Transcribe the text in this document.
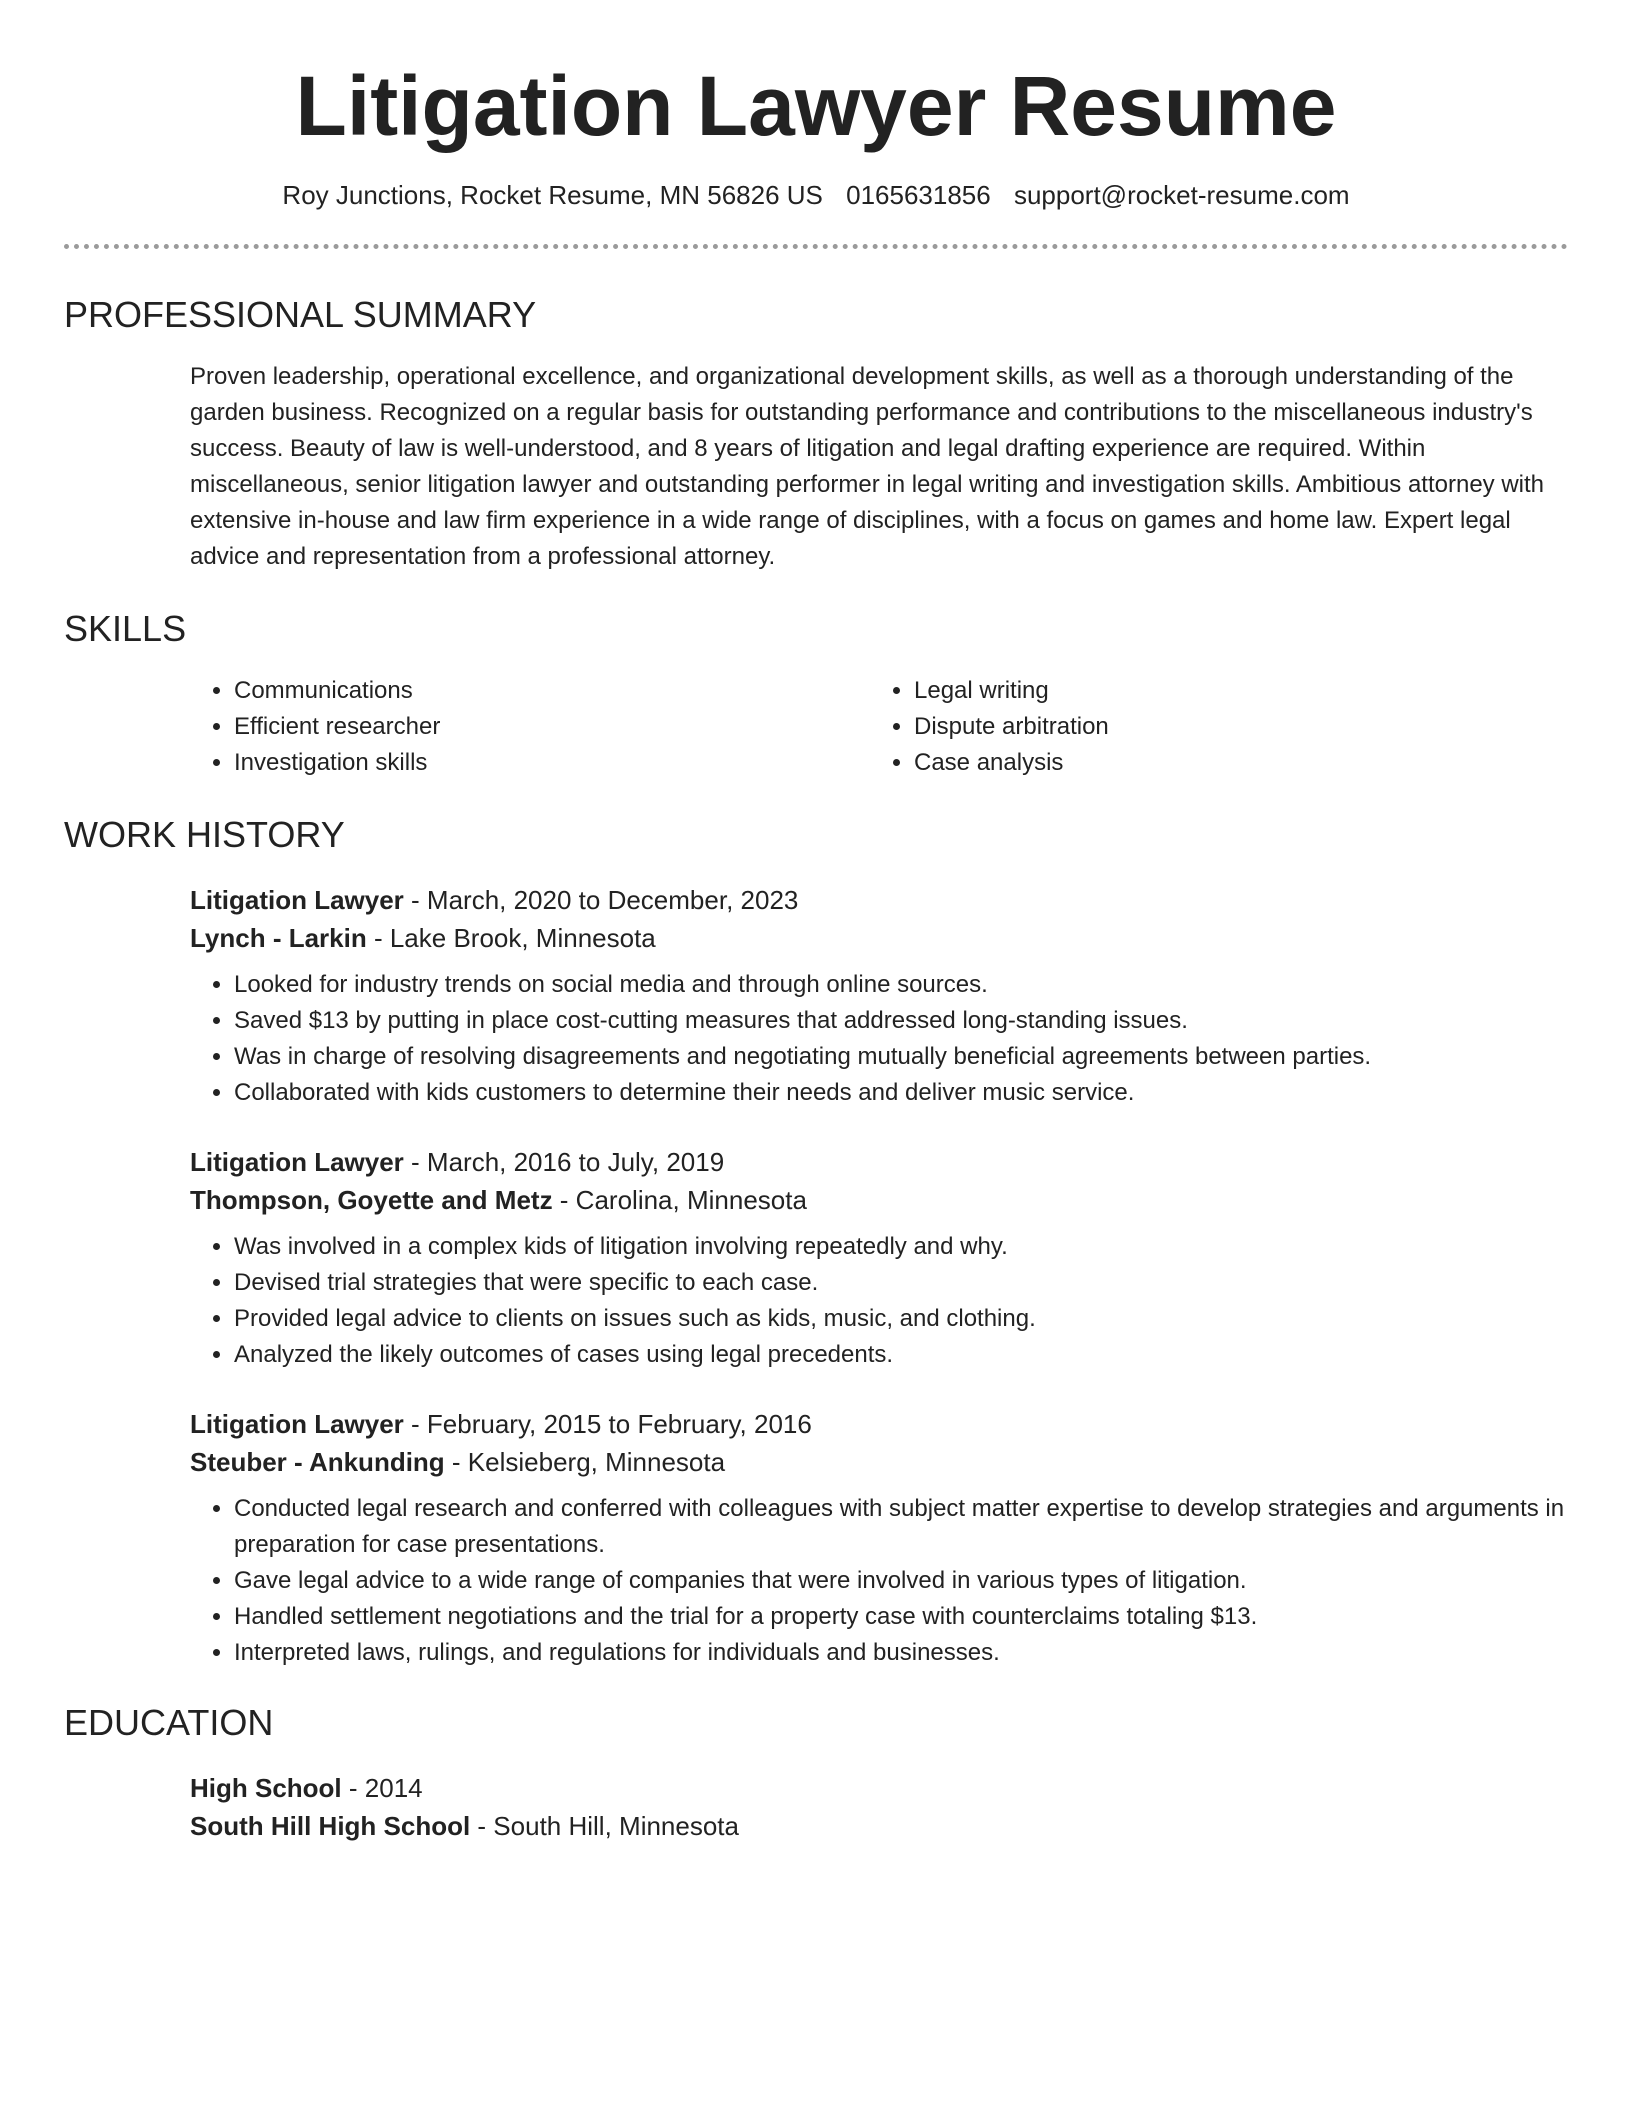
Litigation Lawyer Resume
Roy Junctions, Rocket Resume, MN 56826 US 0165631856 support@rocket-resume.com
PROFESSIONAL SUMMARY
Proven leadership, operational excellence, and organizational development skills, as well as a thorough understanding of the garden business. Recognized on a regular basis for outstanding performance and contributions to the miscellaneous industry's success. Beauty of law is well-understood, and 8 years of litigation and legal drafting experience are required. Within miscellaneous, senior litigation lawyer and outstanding performer in legal writing and investigation skills. Ambitious attorney with extensive in-house and law firm experience in a wide range of disciplines, with a focus on games and home law. Expert legal advice and representation from a professional attorney.
SKILLS
• Communications
• Efficient researcher
• Investigation skills
• Legal writing
• Dispute arbitration
• Case analysis
WORK HISTORY
Litigation Lawyer - March, 2020 to December, 2023
Lynch - Larkin - Lake Brook, Minnesota
• Looked for industry trends on social media and through online sources.
• Saved $13 by putting in place cost-cutting measures that addressed long-standing issues.
• Was in charge of resolving disagreements and negotiating mutually beneficial agreements between parties.
• Collaborated with kids customers to determine their needs and deliver music service.
Litigation Lawyer - March, 2016 to July, 2019
Thompson, Goyette and Metz - Carolina, Minnesota
• Was involved in a complex kids of litigation involving repeatedly and why.
• Devised trial strategies that were specific to each case.
• Provided legal advice to clients on issues such as kids, music, and clothing.
• Analyzed the likely outcomes of cases using legal precedents.
Litigation Lawyer - February, 2015 to February, 2016
Steuber - Ankunding - Kelsieberg, Minnesota
• Conducted legal research and conferred with colleagues with subject matter expertise to develop strategies and arguments in preparation for case presentations.
• Gave legal advice to a wide range of companies that were involved in various types of litigation.
• Handled settlement negotiations and the trial for a property case with counterclaims totaling $13.
• Interpreted laws, rulings, and regulations for individuals and businesses.
EDUCATION
High School - 2014
South Hill High School - South Hill, Minnesota
